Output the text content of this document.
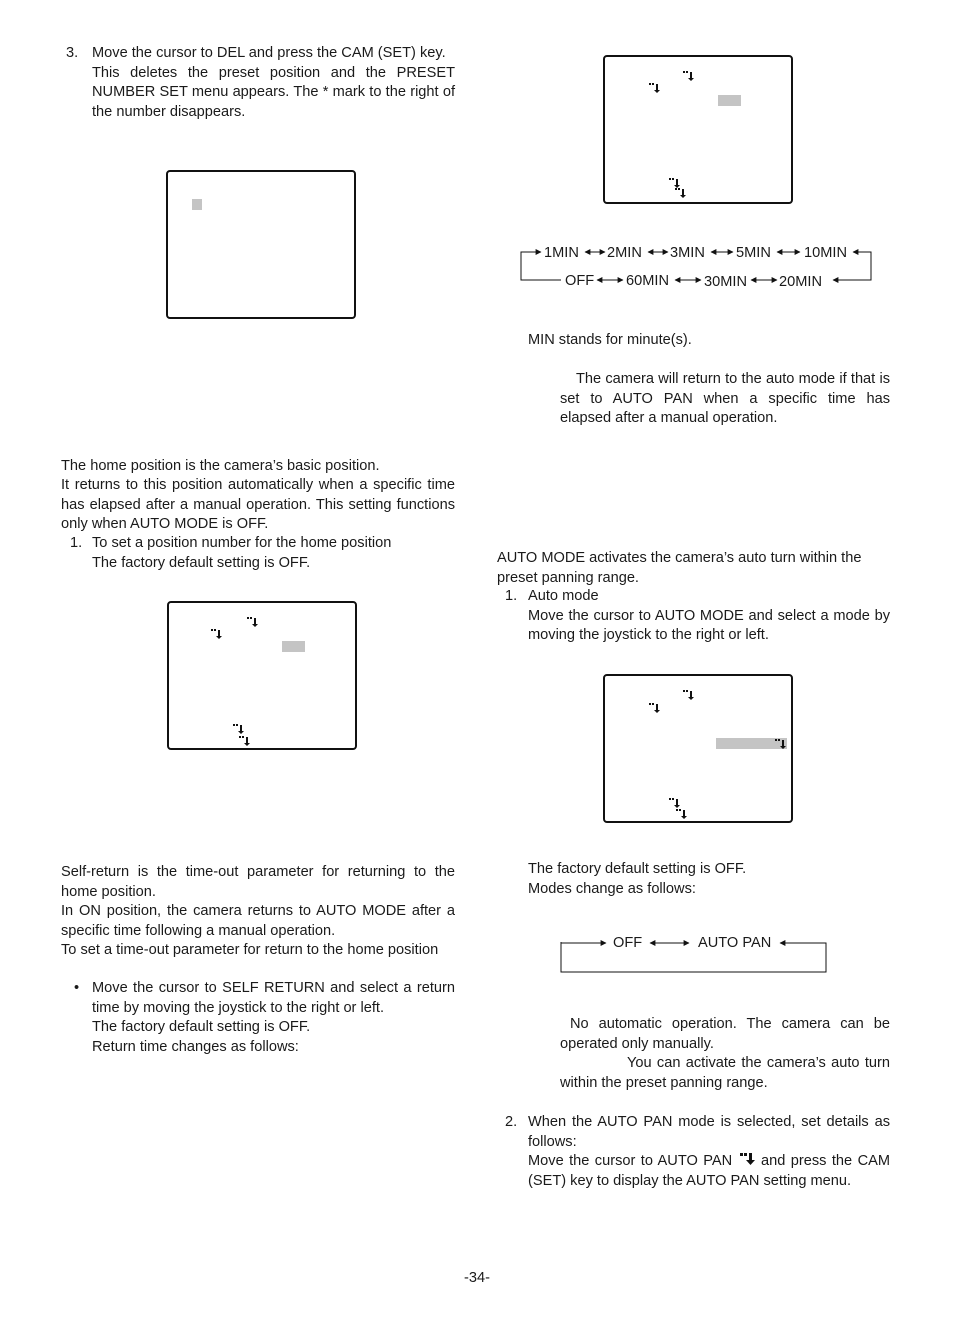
3. Move the cursor to DEL and press the CAM (SET) key.
This deletes the preset position and the PRESET NUMBER SET menu appears. The * mark to the right of the number disappears.
The home position is the camera’s basic position.
It returns to this position automatically when a specific time has elapsed after a manual operation. This setting functions only when AUTO MODE is OFF.
1. To set a position number for the home position
The factory default setting is OFF.
Self-return is the time-out parameter for returning to the home position.
In ON position, the camera returns to AUTO MODE after a specific time following a manual operation.
To set a time-out parameter for return to the home position
• Move the cursor to SELF RETURN and select a return time by moving the joystick to the right or left.
The factory default setting is OFF.
Return time changes as follows:
1MIN 2MIN 3MIN 5MIN 10MIN
OFF 60MIN 30MIN 20MIN
MIN stands for minute(s).
The camera will return to the auto mode if that is set to AUTO PAN when a specific time has elapsed after a manual operation.
AUTO MODE activates the camera’s auto turn within the preset panning range.
1. Auto mode
Move the cursor to AUTO MODE and select a mode by moving the joystick to the right or left.
The factory default setting is OFF.
Modes change as follows:
OFF	AUTO PAN
No automatic operation. The camera can be operated only manually.
You can activate the camera’s auto turn within the preset panning range.
2. When the AUTO PAN mode is selected, set details as follows:
Move the cursor to AUTO PAN and press the CAM (SET) key to display the AUTO PAN setting menu.
-34-
